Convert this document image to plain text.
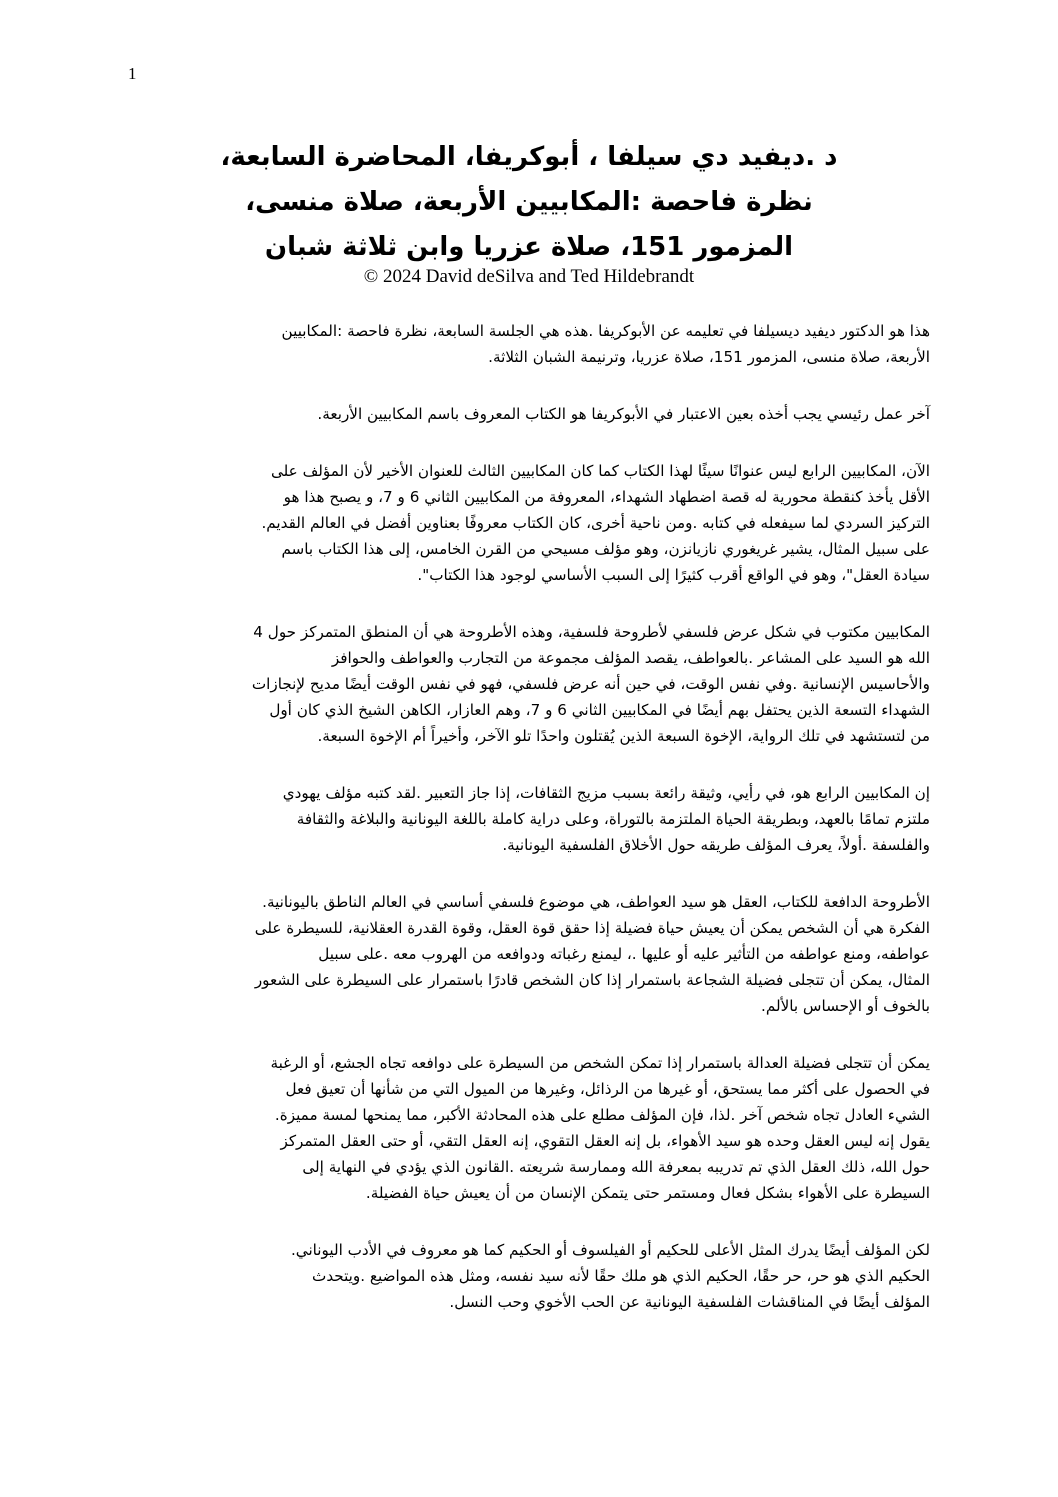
1
د .ديفيد دي سيلفا ، أبوكريفا، المحاضرة السابعة،
نظرة فاحصة :المكابيين الأربعة، صلاة منسى،
المزمور 151، صلاة عزريا وابن ثلاثة شبان
© 2024 David deSilva and Ted Hildebrandt
هذا هو الدكتور ديفيد ديسيلفا في تعليمه عن الأبوكريفا .هذه هي الجلسة السابعة، نظرة فاحصة :المكابيين
الأربعة، صلاة منسى، المزمور 151، صلاة عزريا، وترنيمة الشبان الثلاثة.
آخر عمل رئيسي يجب أخذه بعين الاعتبار في الأبوكريفا هو الكتاب المعروف باسم المكابيين الأربعة.
الآن، المكابيين الرابع ليس عنوانًا سيئًا لهذا الكتاب كما كان المكابيين الثالث للعنوان الأخير لأن المؤلف على
الأقل يأخذ كنقطة محورية له قصة اضطهاد الشهداء، المعروفة من المكابيين الثاني 6 و 7، و يصبح هذا هو
التركيز السردي لما سيفعله في كتابه .ومن ناحية أخرى، كان الكتاب معروفًا بعناوين أفضل في العالم القديم.
على سبيل المثال، يشير غريغوري نازيانزن، وهو مؤلف مسيحي من القرن الخامس، إلى هذا الكتاب باسم
سيادة العقل"، وهو في الواقع أقرب كثيرًا إلى السبب الأساسي لوجود هذا الكتاب".
المكابيين مكتوب في شكل عرض فلسفي لأطروحة فلسفية، وهذه الأطروحة هي أن المنطق المتمركز حول 4
الله هو السيد على المشاعر .بالعواطف، يقصد المؤلف مجموعة من التجارب والعواطف والحوافز
والأحاسيس الإنسانية .وفي نفس الوقت، في حين أنه عرض فلسفي، فهو في نفس الوقت أيضًا مديح لإنجازات
الشهداء التسعة الذين يحتفل بهم أيضًا في المكابيين الثاني 6 و 7، وهم العازار، الكاهن الشيخ الذي كان أول
من لتستشهد في تلك الرواية، الإخوة السبعة الذين يُقتلون واحدًا تلو الآخر، وأخيراً أم الإخوة السبعة.
إن المكابيين الرابع هو، في رأيي، وثيقة رائعة بسبب مزيج الثقافات، إذا جاز التعبير .لقد كتبه مؤلف يهودي
ملتزم تمامًا بالعهد، وبطريقة الحياة الملتزمة بالتوراة، وعلى دراية كاملة باللغة اليونانية والبلاغة والثقافة
والفلسفة .أولاً، يعرف المؤلف طريقه حول الأخلاق الفلسفية اليونانية.
الأطروحة الدافعة للكتاب، العقل هو سيد العواطف، هي موضوع فلسفي أساسي في العالم الناطق باليونانية.
الفكرة هي أن الشخص يمكن أن يعيش حياة فضيلة إذا حقق قوة العقل، وقوة القدرة العقلانية، للسيطرة على
عواطفه، ومنع عواطفه من التأثير عليه أو عليها .، ليمنع رغباته ودوافعه من الهروب معه .على سبيل
المثال، يمكن أن تتجلى فضيلة الشجاعة باستمرار إذا كان الشخص قادرًا باستمرار على السيطرة على الشعور
بالخوف أو الإحساس بالألم.
يمكن أن تتجلى فضيلة العدالة باستمرار إذا تمكن الشخص من السيطرة على دوافعه تجاه الجشع، أو الرغبة
في الحصول على أكثر مما يستحق، أو غيرها من الرذائل، وغيرها من الميول التي من شأنها أن تعيق فعل
الشيء العادل تجاه شخص آخر .لذا، فإن المؤلف مطلع على هذه المحادثة الأكبر، مما يمنحها لمسة مميزة.
يقول إنه ليس العقل وحده هو سيد الأهواء، بل إنه العقل التقوي، إنه العقل التقي، أو حتى العقل المتمركز
حول الله، ذلك العقل الذي تم تدريبه بمعرفة الله وممارسة شريعته .القانون الذي يؤدي في النهاية إلى
السيطرة على الأهواء بشكل فعال ومستمر حتى يتمكن الإنسان من أن يعيش حياة الفضيلة.
لكن المؤلف أيضًا يدرك المثل الأعلى للحكيم أو الفيلسوف أو الحكيم كما هو معروف في الأدب اليوناني.
الحكيم الذي هو حر، حر حقًا، الحكيم الذي هو ملك حقًا لأنه سيد نفسه، ومثل هذه المواضيع .ويتحدث
المؤلف أيضًا في المناقشات الفلسفية اليونانية عن الحب الأخوي وحب النسل.
